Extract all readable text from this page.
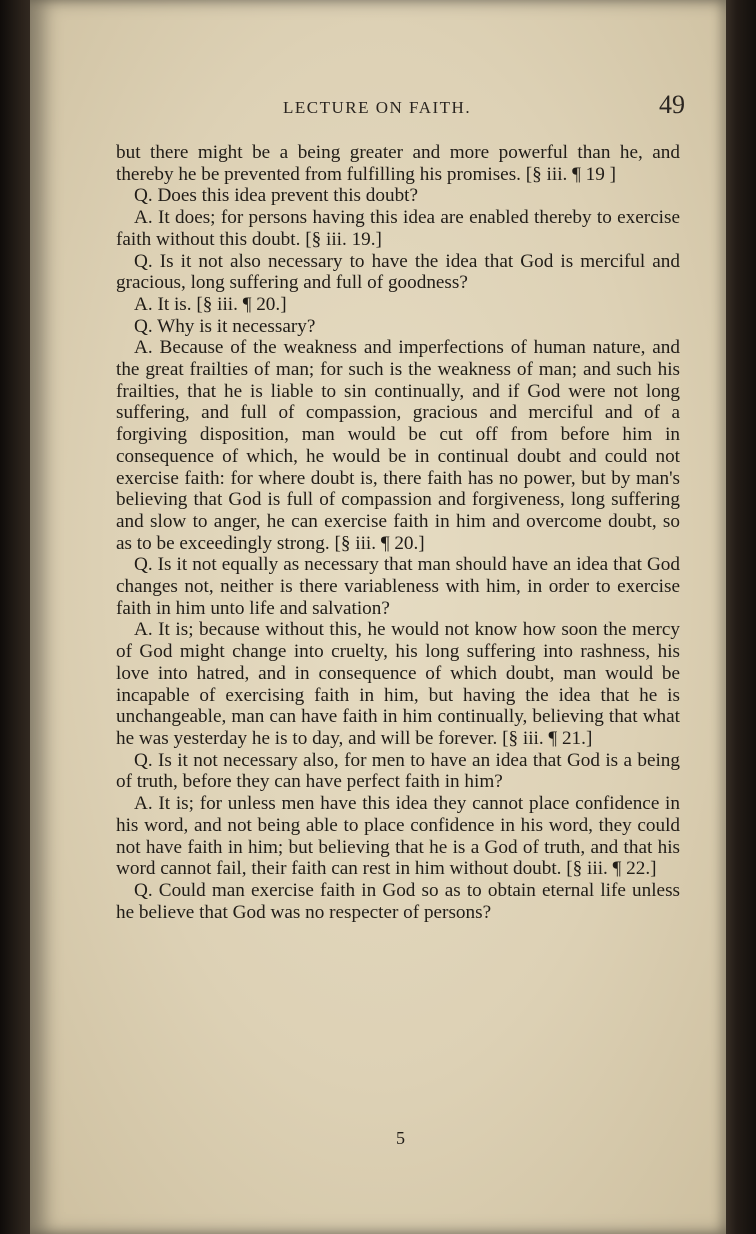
LECTURE ON FAITH.	49

but there might be a being greater and more powerful than he, and thereby he be prevented from fulfilling his promises. [§ iii. ¶ 19 ]

Q. Does this idea prevent this doubt?

A. It does; for persons having this idea are enabled thereby to exercise faith without this doubt. [§ iii. 19.]

Q. Is it not also necessary to have the idea that God is merciful and gracious, long suffering and full of goodness?

A. It is. [§ iii. ¶ 20.]

Q. Why is it necessary?

A. Because of the weakness and imperfections of human nature, and the great frailties of man; for such is the weakness of man; and such his frailties, that he is liable to sin continually, and if God were not long suffering, and full of compassion, gracious and merciful and of a forgiving disposition, man would be cut off from before him in consequence of which, he would be in continual doubt and could not exercise faith: for where doubt is, there faith has no power, but by man's believing that God is full of compassion and forgiveness, long suffering and slow to anger, he can exercise faith in him and overcome doubt, so as to be exceedingly strong. [§ iii. ¶ 20.]

Q. Is it not equally as necessary that man should have an idea that God changes not, neither is there variableness with him, in order to exercise faith in him unto life and salvation?

A. It is; because without this, he would not know how soon the mercy of God might change into cruelty, his long suffering into rashness, his love into hatred, and in consequence of which doubt, man would be incapable of exercising faith in him, but having the idea that he is unchangeable, man can have faith in him continually, believing that what he was yesterday he is to day, and will be forever. [§ iii. ¶ 21.]

Q. Is it not necessary also, for men to have an idea that God is a being of truth, before they can have perfect faith in him?

A. It is; for unless men have this idea they cannot place confidence in his word, and not being able to place confidence in his word, they could not have faith in him; but believing that he is a God of truth, and that his word cannot fail, their faith can rest in him without doubt. [§ iii. ¶ 22.]

Q. Could man exercise faith in God so as to obtain eternal life unless he believe that God was no respecter of persons?

5
